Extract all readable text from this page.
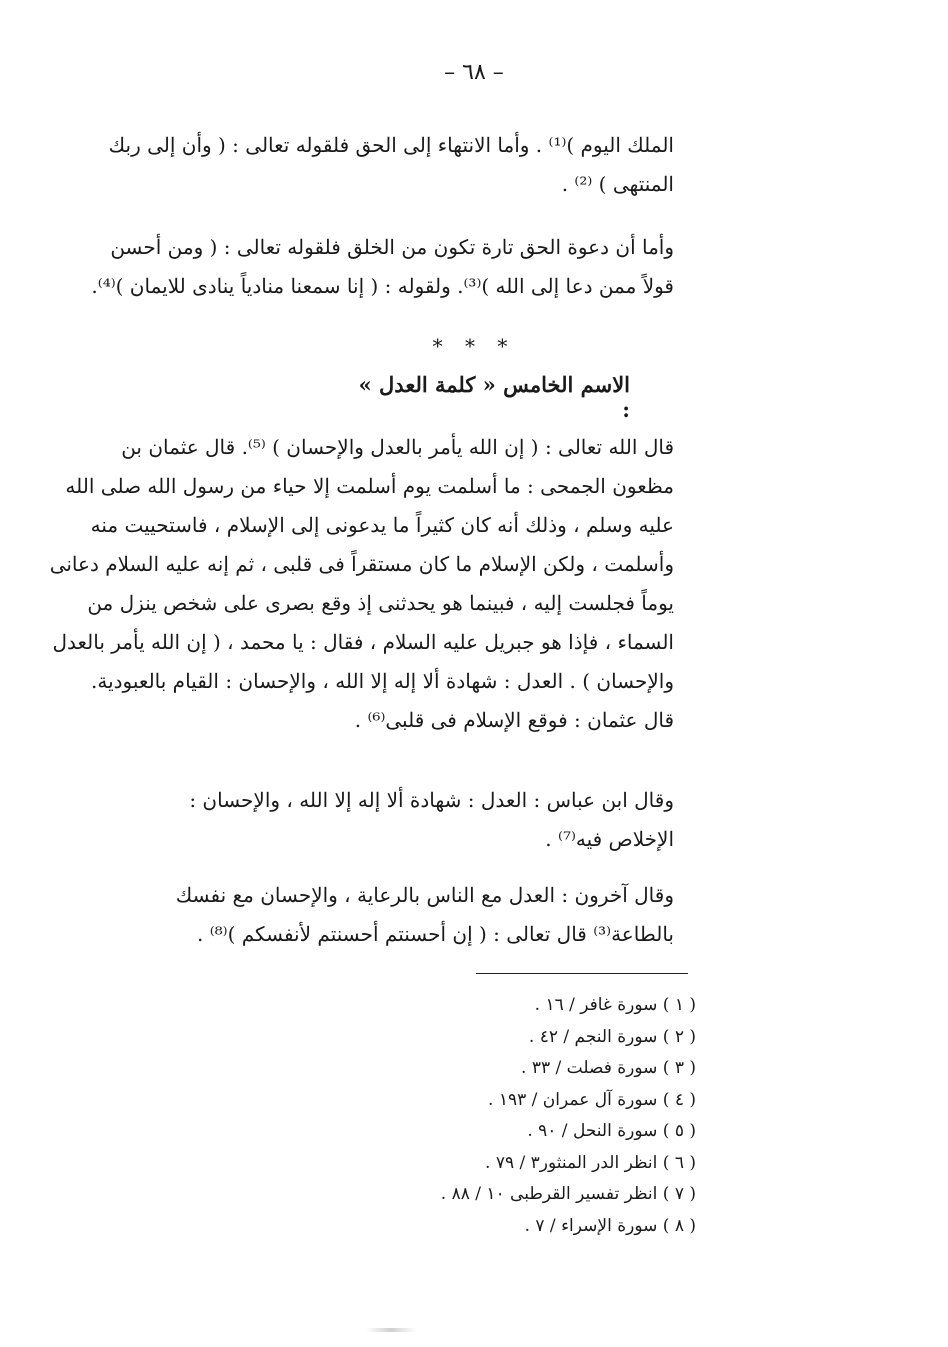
– ٦٨ –
الملك اليوم )⁽¹⁾ . وأما الانتهاء إلى الحق فلقوله تعالى : ( وأن إلى ربك
المنتهى ) ⁽²⁾ .
وأما أن دعوة الحق تارة تكون من الخلق فلقوله تعالى : ( ومن أحسن
قولاً ممن دعا إلى الله )⁽³⁾. ولقوله : ( إنا سمعنا منادياً ينادى للايمان )⁽⁴⁾.
* * *
الاسم الخامس « كلمة العدل » :
قال الله تعالى : ( إن الله يأمر بالعدل والإحسان ) ⁽⁵⁾. قال عثمان بن
مظعون الجمحى : ما أسلمت يوم أسلمت إلا حياء من رسول الله صلى الله
عليه وسلم ، وذلك أنه كان كثيراً ما يدعونى إلى الإسلام ، فاستحييت منه
وأسلمت ، ولكن الإسلام ما كان مستقراً فى قلبى ، ثم إنه عليه السلام دعانى
يوماً فجلست إليه ، فبينما هو يحدثنى إذ وقع بصرى على شخص ينزل من
السماء ، فإذا هو جبريل عليه السلام ، فقال : يا محمد ، ( إن الله يأمر بالعدل
والإحسان ) . العدل : شهادة ألا إله إلا الله ، والإحسان : القيام بالعبودية.
قال عثمان : فوقع الإسلام فى قلبى⁽⁶⁾ .
وقال ابن عباس : العدل : شهادة ألا إله إلا الله ، والإحسان :
الإخلاص فيه⁽⁷⁾ .
وقال آخرون : العدل مع الناس بالرعاية ، والإحسان مع نفسك
بالطاعة⁽³⁾ قال تعالى : ( إن أحسنتم أحسنتم لأنفسكم )⁽⁸⁾ .
( ١ ) سورة غافر / ١٦ .
( ٢ ) سورة النجم / ٤٢ .
( ٣ ) سورة فصلت / ٣٣ .
( ٤ ) سورة آل عمران / ١٩٣ .
( ٥ ) سورة النحل / ٩٠ .
( ٦ ) انظر الدر المنثور٣ / ٧٩ .
( ٧ ) انظر تفسير القرطبى ١٠ / ٨٨ .
( ٨ ) سورة الإسراء / ٧ .
